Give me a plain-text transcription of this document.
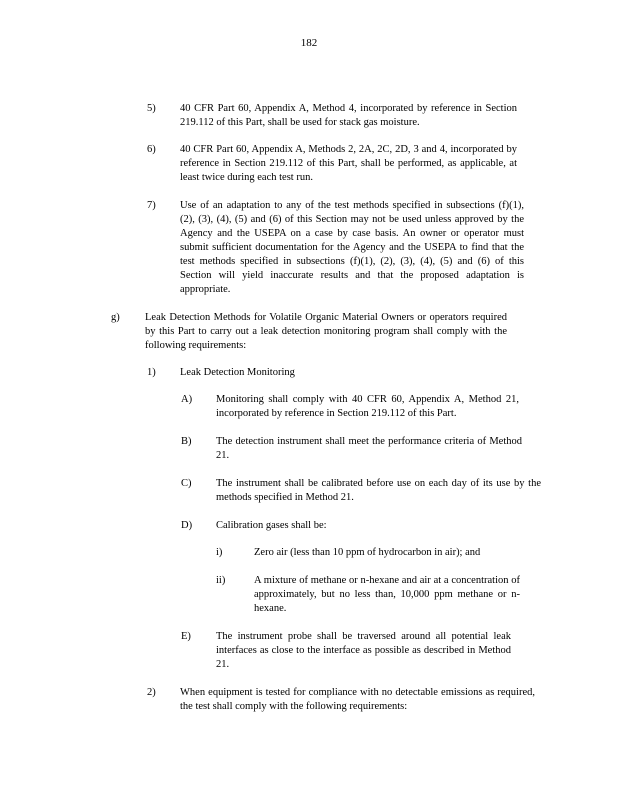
182
5) 40 CFR Part 60, Appendix A, Method 4, incorporated by reference in Section 219.112 of this Part, shall be used for stack gas moisture.
6) 40 CFR Part 60, Appendix A, Methods 2, 2A, 2C, 2D, 3 and 4, incorporated by reference in Section 219.112 of this Part, shall be performed, as applicable, at least twice during each test run.
7) Use of an adaptation to any of the test methods specified in subsections (f)(1), (2), (3), (4), (5) and (6) of this Section may not be used unless approved by the Agency and the USEPA on a case by case basis. An owner or operator must submit sufficient documentation for the Agency and the USEPA to find that the test methods specified in subsections (f)(1), (2), (3), (4), (5) and (6) of this Section will yield inaccurate results and that the proposed adaptation is appropriate.
g) Leak Detection Methods for Volatile Organic Material Owners or operators required by this Part to carry out a leak detection monitoring program shall comply with the following requirements:
1) Leak Detection Monitoring
A) Monitoring shall comply with 40 CFR 60, Appendix A, Method 21, incorporated by reference in Section 219.112 of this Part.
B) The detection instrument shall meet the performance criteria of Method 21.
C) The instrument shall be calibrated before use on each day of its use by the methods specified in Method 21.
D) Calibration gases shall be:
i)	Zero air (less than 10 ppm of hydrocarbon in air); and
ii)	A mixture of methane or n-hexane and air at a concentration of approximately, but no less than, 10,000 ppm methane or n-hexane.
E) The instrument probe shall be traversed around all potential leak interfaces as close to the interface as possible as described in Method 21.
2) When equipment is tested for compliance with no detectable emissions as required, the test shall comply with the following requirements:
